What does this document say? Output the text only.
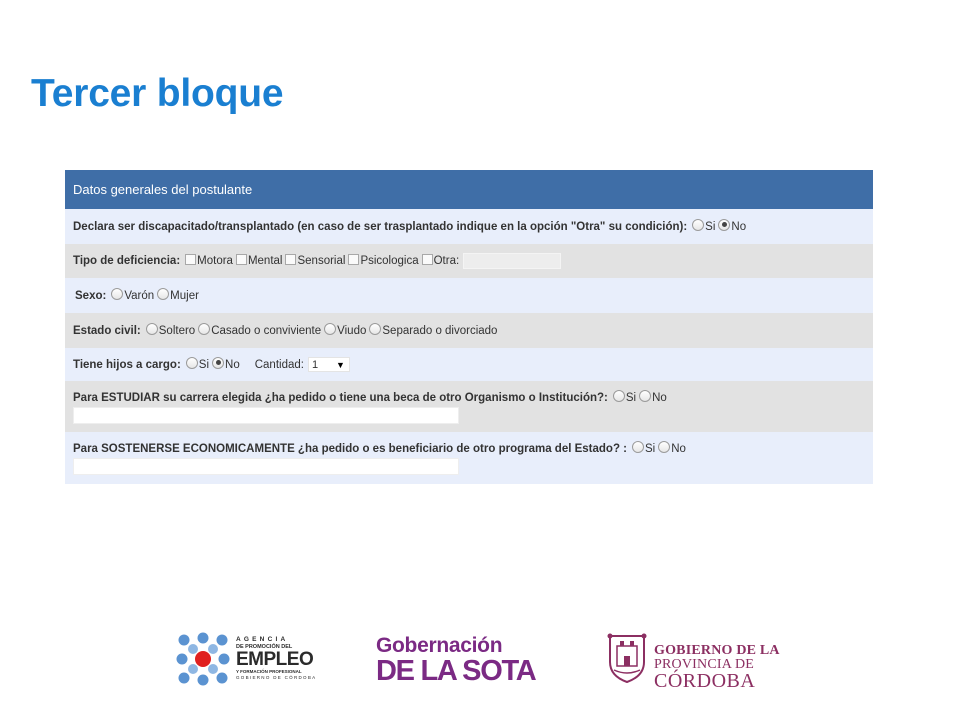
Tercer bloque
Datos generales del postulante
Declara ser discapacitado/transplantado (en caso de ser trasplantado indique en la opción "Otra" su condición): Si No
Tipo de deficiencia: Motora Mental Sensorial Psicologica Otra:
Sexo: Varón Mujer
Estado civil: Soltero Casado o conviviente Viudo Separado o divorciado
Tiene hijos a cargo: Si No Cantidad: 1 ▼
Para ESTUDIAR su carrera elegida ¿ha pedido o tiene una beca de otro Organismo o Institución?: Si No
Para SOSTENERSE ECONOMICAMENTE ¿ha pedido o es beneficiario de otro programa del Estado? : Si No
AGENCIA
DE PROMOCIÓN DEL
EMPLEO
Y FORMACIÓN PROFESIONAL
GOBIERNO DE CÓRDOBA
Gobernación
DE LA SOTA
GOBIERNO DE LA
PROVINCIA DE
CÓRDOBA
